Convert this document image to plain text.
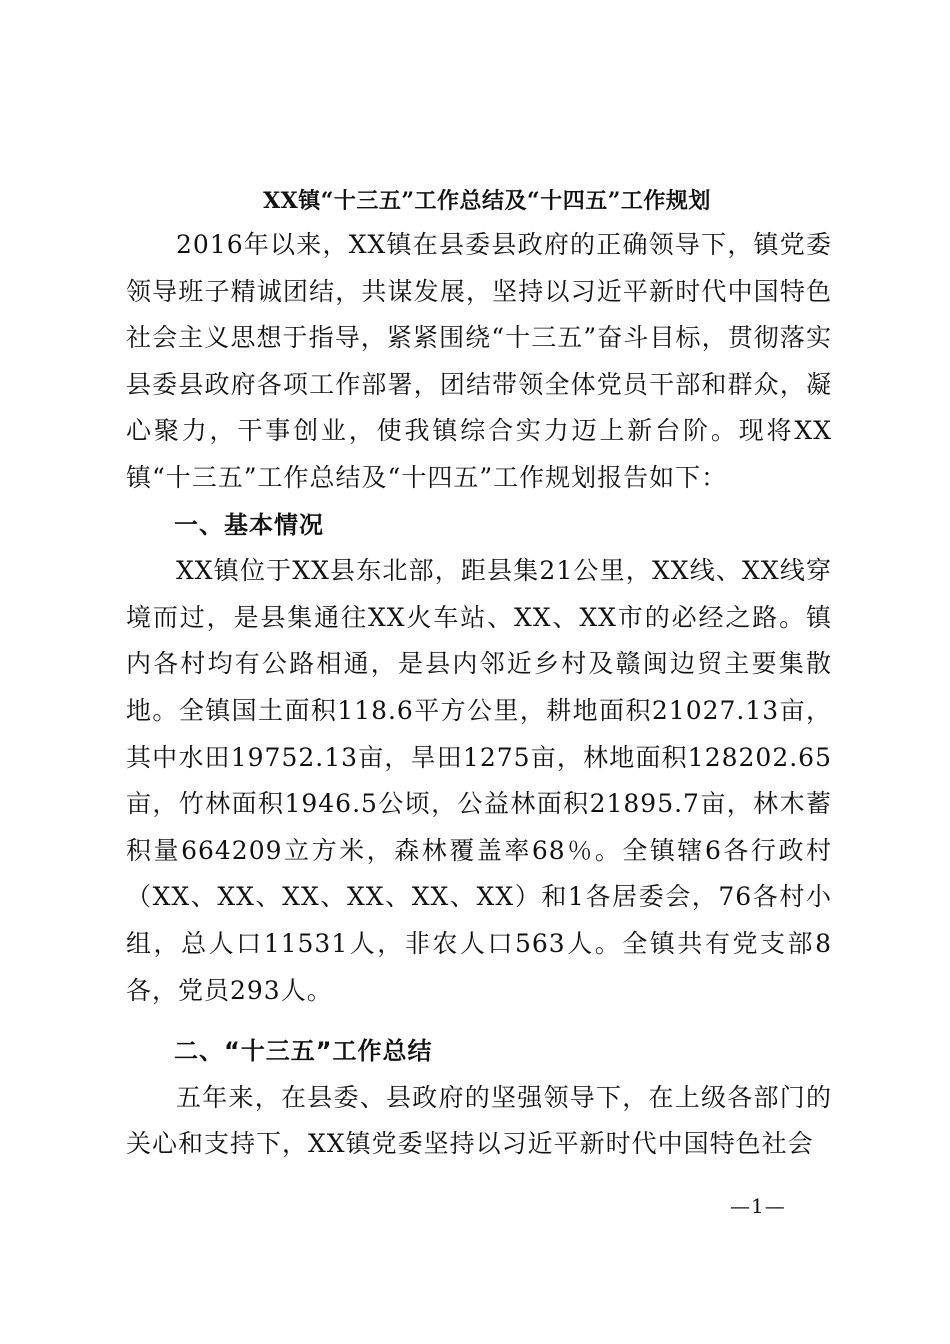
XX镇“十三五”工作总结及“十四五”工作规划

2016年以来，XX镇在县委县政府的正确领导下，镇党委领导班子精诚团结，共谋发展，坚持以习近平新时代中国特色社会主义思想于指导，紧紧围绕“十三五”奋斗目标，贯彻落实县委县政府各项工作部署，团结带领全体党员干部和群众，凝心聚力，干事创业，使我镇综合实力迈上新台阶。现将XX镇“十三五”工作总结及“十四五”工作规划报告如下：

一、基本情况

XX镇位于XX县东北部，距县集21公里，XX线、XX线穿境而过，是县集通往XX火车站、XX、XX市的必经之路。镇内各村均有公路相通，是县内邻近乡村及赣闽边贸主要集散地。全镇国土面积118.6平方公里，耕地面积21027.13亩，其中水田19752.13亩，旱田1275亩，林地面积128202.65亩，竹林面积1946.5公顷，公益林面积21895.7亩，林木蓄积量664209立方米，森林覆盖率68％。全镇辖6各行政村（XX、XX、XX、XX、XX、XX）和1各居委会，76各村小组，总人口11531人，非农人口563人。全镇共有党支部8各，党员293人。

二、“十三五”工作总结

五年来，在县委、县政府的坚强领导下，在上级各部门的关心和支持下，XX镇党委坚持以习近平新时代中国特色社会

—1—
